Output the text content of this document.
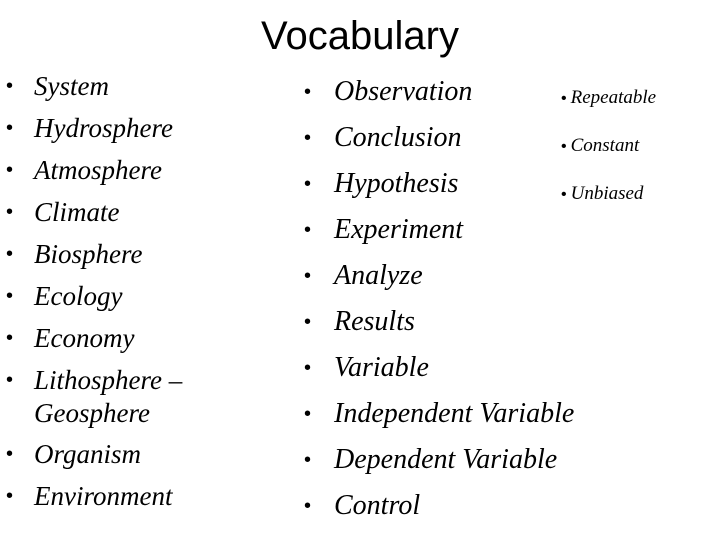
Vocabulary
• System
• Hydrosphere
• Atmosphere
• Climate
• Biosphere
• Ecology
• Economy
• Lithosphere – Geosphere
• Organism
• Environment
• Observation
• Conclusion
• Hypothesis
• Experiment
• Analyze
• Results
• Variable
• Independent Variable
• Dependent Variable
• Control
• Repeatable
• Constant
• Unbiased
